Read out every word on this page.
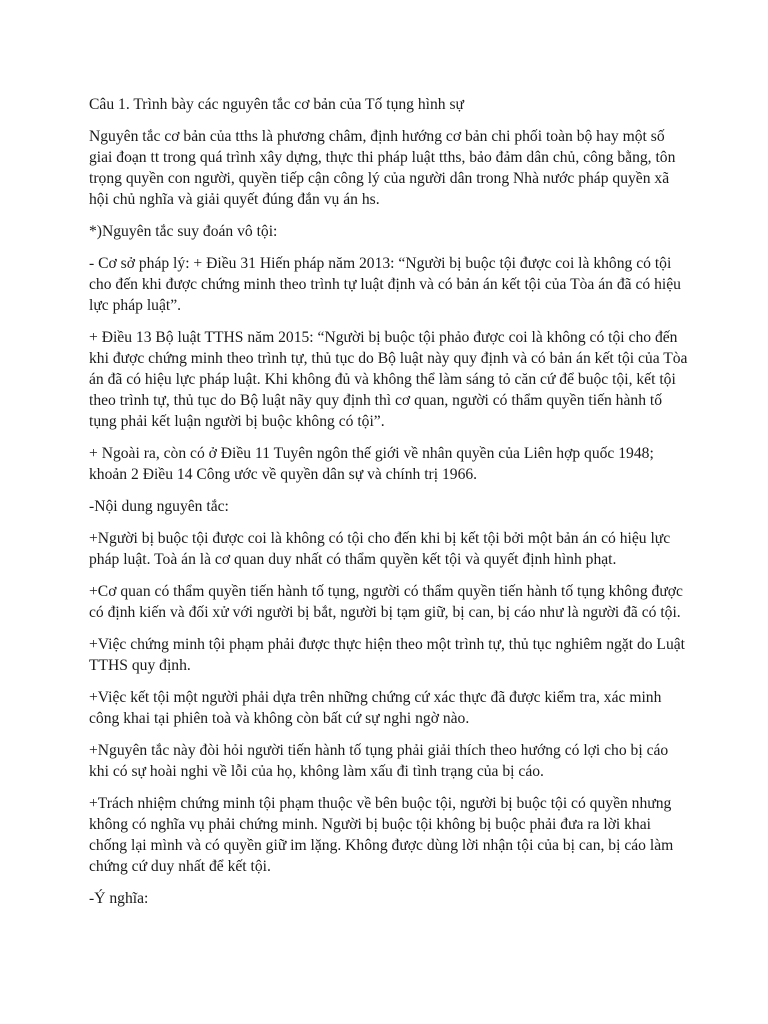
Câu 1. Trình bày các nguyên tắc cơ bản của Tố tụng hình sự

Nguyên tắc cơ bản của tths là phương châm, định hướng cơ bản chi phối toàn bộ hay một số giai đoạn tt trong quá trình xây dựng, thực thi pháp luật tths, bảo đảm dân chủ, công bằng, tôn trọng quyền con người, quyền tiếp cận công lý của người dân trong Nhà nước pháp quyền xã hội chủ nghĩa và giải quyết đúng đắn vụ án hs.

*)Nguyên tắc suy đoán vô tội:

- Cơ sở pháp lý: + Điều 31 Hiến pháp năm 2013: “Người bị buộc tội được coi là không có tội cho đến khi được chứng minh theo trình tự luật định và có bản án kết tội của Tòa án đã có hiệu lực pháp luật”.

+ Điều 13 Bộ luật TTHS năm 2015: “Người bị buộc tội phảo được coi là không có tội cho đến khi được chứng minh theo trình tự, thủ tục do Bộ luật này quy định và có bản án kết tội của Tòa án đã có hiệu lực pháp luật. Khi không đủ và không thể làm sáng tỏ căn cứ để buộc tội, kết tội theo trình tự, thủ tục do Bộ luật nãy quy định thì cơ quan, người có thẩm quyền tiến hành tố tụng phải kết luận người bị buộc không có tội”.

+ Ngoài ra, còn có ở Điều 11 Tuyên ngôn thế giới về nhân quyền của Liên hợp quốc 1948; khoản 2 Điều 14 Công ước về quyền dân sự và chính trị 1966.

-Nội dung nguyên tắc:

+Người bị buộc tội được coi là không có tội cho đến khi bị kết tội bởi một bản án có hiệu lực pháp luật. Toà án là cơ quan duy nhất có thẩm quyền kết tội và quyết định hình phạt.

+Cơ quan có thẩm quyền tiến hành tố tụng, người có thẩm quyền tiến hành tố tụng không được có định kiến và đối xử với người bị bắt, người bị tạm giữ, bị can, bị cáo như là người đã có tội.

+Việc chứng minh tội phạm phải được thực hiện theo một trình tự, thủ tục nghiêm ngặt do Luật TTHS quy định.

+Việc kết tội một người phải dựa trên những chứng cứ xác thực đã được kiểm tra, xác minh công khai tại phiên toà và không còn bất cứ sự nghi ngờ nào.

+Nguyên tắc này đòi hỏi người tiến hành tố tụng phải giải thích theo hướng có lợi cho bị cáo khi có sự hoài nghi về lỗi của họ, không làm xấu đi tình trạng của bị cáo.

+Trách nhiệm chứng minh tội phạm thuộc về bên buộc tội, người bị buộc tội có quyền nhưng không có nghĩa vụ phải chứng minh. Người bị buộc tội không bị buộc phải đưa ra lời khai chống lại mình và có quyền giữ im lặng. Không được dùng lời nhận tội của bị can, bị cáo làm chứng cứ duy nhất để kết tội.

-Ý nghĩa:
